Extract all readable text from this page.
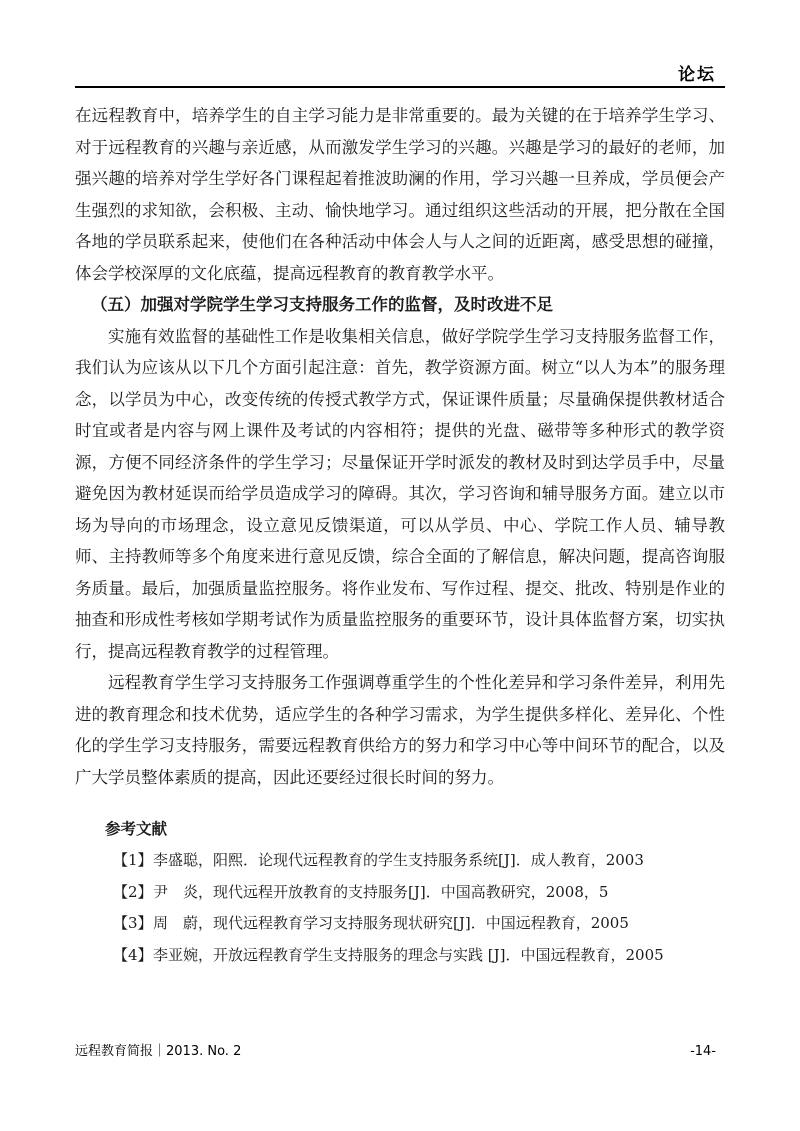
论坛

在远程教育中，培养学生的自主学习能力是非常重要的。最为关键的在于培养学生学习、对于远程教育的兴趣与亲近感，从而激发学生学习的兴趣。兴趣是学习的最好的老师，加强兴趣的培养对学生学好各门课程起着推波助澜的作用，学习兴趣一旦养成，学员便会产生强烈的求知欲，会积极、主动、愉快地学习。通过组织这些活动的开展，把分散在全国各地的学员联系起来，使他们在各种活动中体会人与人之间的近距离，感受思想的碰撞，体会学校深厚的文化底蕴，提高远程教育的教育教学水平。

（五）加强对学院学生学习支持服务工作的监督，及时改进不足

实施有效监督的基础性工作是收集相关信息，做好学院学生学习支持服务监督工作，我们认为应该从以下几个方面引起注意：首先，教学资源方面。树立“以人为本”的服务理念，以学员为中心，改变传统的传授式教学方式，保证课件质量；尽量确保提供教材适合时宜或者是内容与网上课件及考试的内容相符；提供的光盘、磁带等多种形式的教学资源，方便不同经济条件的学生学习；尽量保证开学时派发的教材及时到达学员手中，尽量避免因为教材延误而给学员造成学习的障碍。其次，学习咨询和辅导服务方面。建立以市场为导向的市场理念，设立意见反馈渠道，可以从学员、中心、学院工作人员、辅导教师、主持教师等多个角度来进行意见反馈，综合全面的了解信息，解决问题，提高咨询服务质量。最后，加强质量监控服务。将作业发布、写作过程、提交、批改、特别是作业的抽查和形成性考核如学期考试作为质量监控服务的重要环节，设计具体监督方案，切实执行，提高远程教育教学的过程管理。

远程教育学生学习支持服务工作强调尊重学生的个性化差异和学习条件差异，利用先进的教育理念和技术优势，适应学生的各种学习需求，为学生提供多样化、差异化、个性化的学生学习支持服务，需要远程教育供给方的努力和学习中心等中间环节的配合，以及广大学员整体素质的提高，因此还要经过很长时间的努力。

参考文献

【1】李盛聪，阳熙．论现代远程教育的学生支持服务系统[J]．成人教育，2003

【2】尹　炎，现代远程开放教育的支持服务[J]．中国高教研究，2008，5

【3】周　蔚，现代远程教育学习支持服务现状研究[J]．中国远程教育，2005

【4】李亚婉，开放远程教育学生支持服务的理念与实践 [J]．中国远程教育，2005

远程教育简报｜2013. No. 2	-14-
